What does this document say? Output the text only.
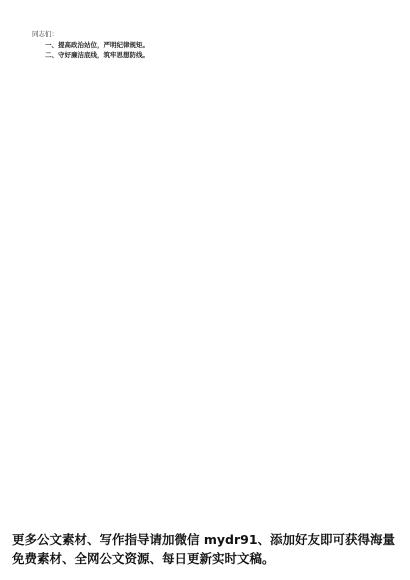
同志们：

一、提高政治站位，严明纪律规矩。

二、守好廉洁底线，筑牢思想防线。

更多公文素材、写作指导请加微信 mydr91、添加好友即可获得海量免费素材、全网公文资源、每日更新实时文稿。
